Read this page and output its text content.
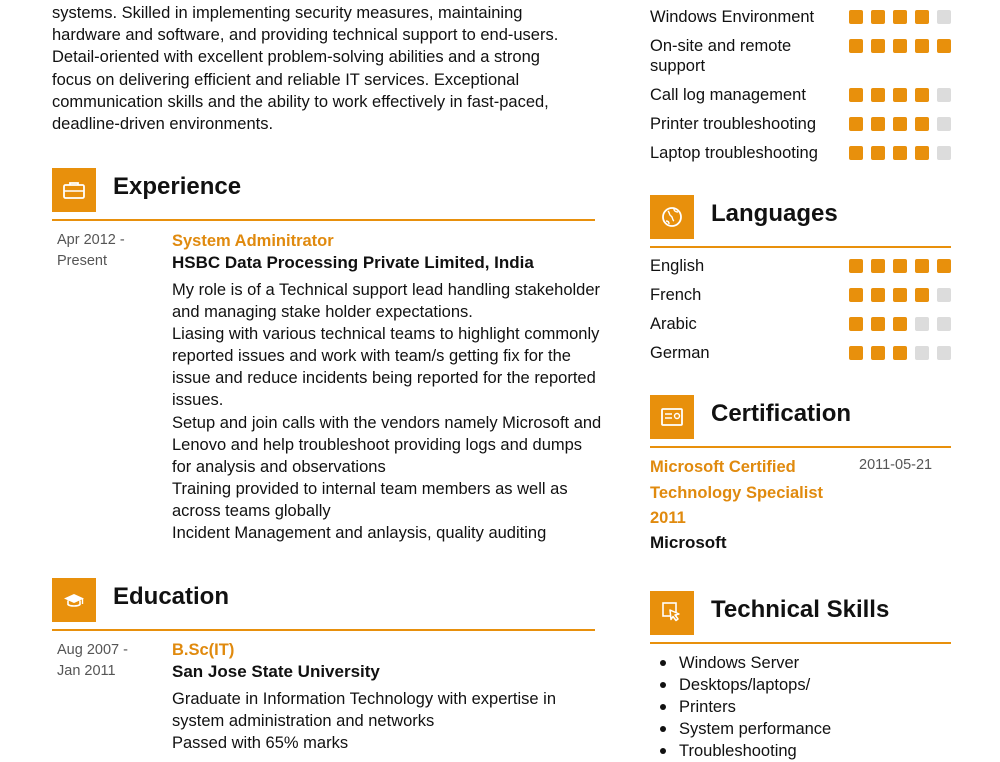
systems. Skilled in implementing security measures, maintaining

hardware and software, and providing technical support to end-users.

Detail-oriented with excellent problem-solving abilities and a strong

focus on delivering efficient and reliable IT services. Exceptional

communication skills and the ability to work effectively in fast-paced,

deadline-driven environments.

Experience
Apr 2012 -
Present
System Adminitrator
HSBC Data Processing Private Limited, India

My role is of a Technical support lead handling stakeholder and managing stake holder expectations.

Liasing with various technical teams to highlight commonly reported issues and work with team/s getting fix for the issue and reduce incidents being reported for the reported issues.

Setup and join calls with the vendors namely Microsoft and Lenovo and help troubleshoot providing logs and dumps for analysis and observations

Training provided to internal team members as well as across teams globally

Incident Management and anlaysis, quality auditing

Education
Aug 2007 -
Jan 2011
B.Sc(IT)
San Jose State University

Graduate in Information Technology with expertise in system administration and networks

Passed with 65% marks

Windows Environment
On-site and remote support
Call log management
Printer troubleshooting
Laptop troubleshooting
Languages
English
French
Arabic
German
Certification
Microsoft Certified Technology Specialist 2011
2011-05-21
Microsoft
Technical Skills
Windows Server
Desktops/laptops/
Printers
System performance
Troubleshooting
